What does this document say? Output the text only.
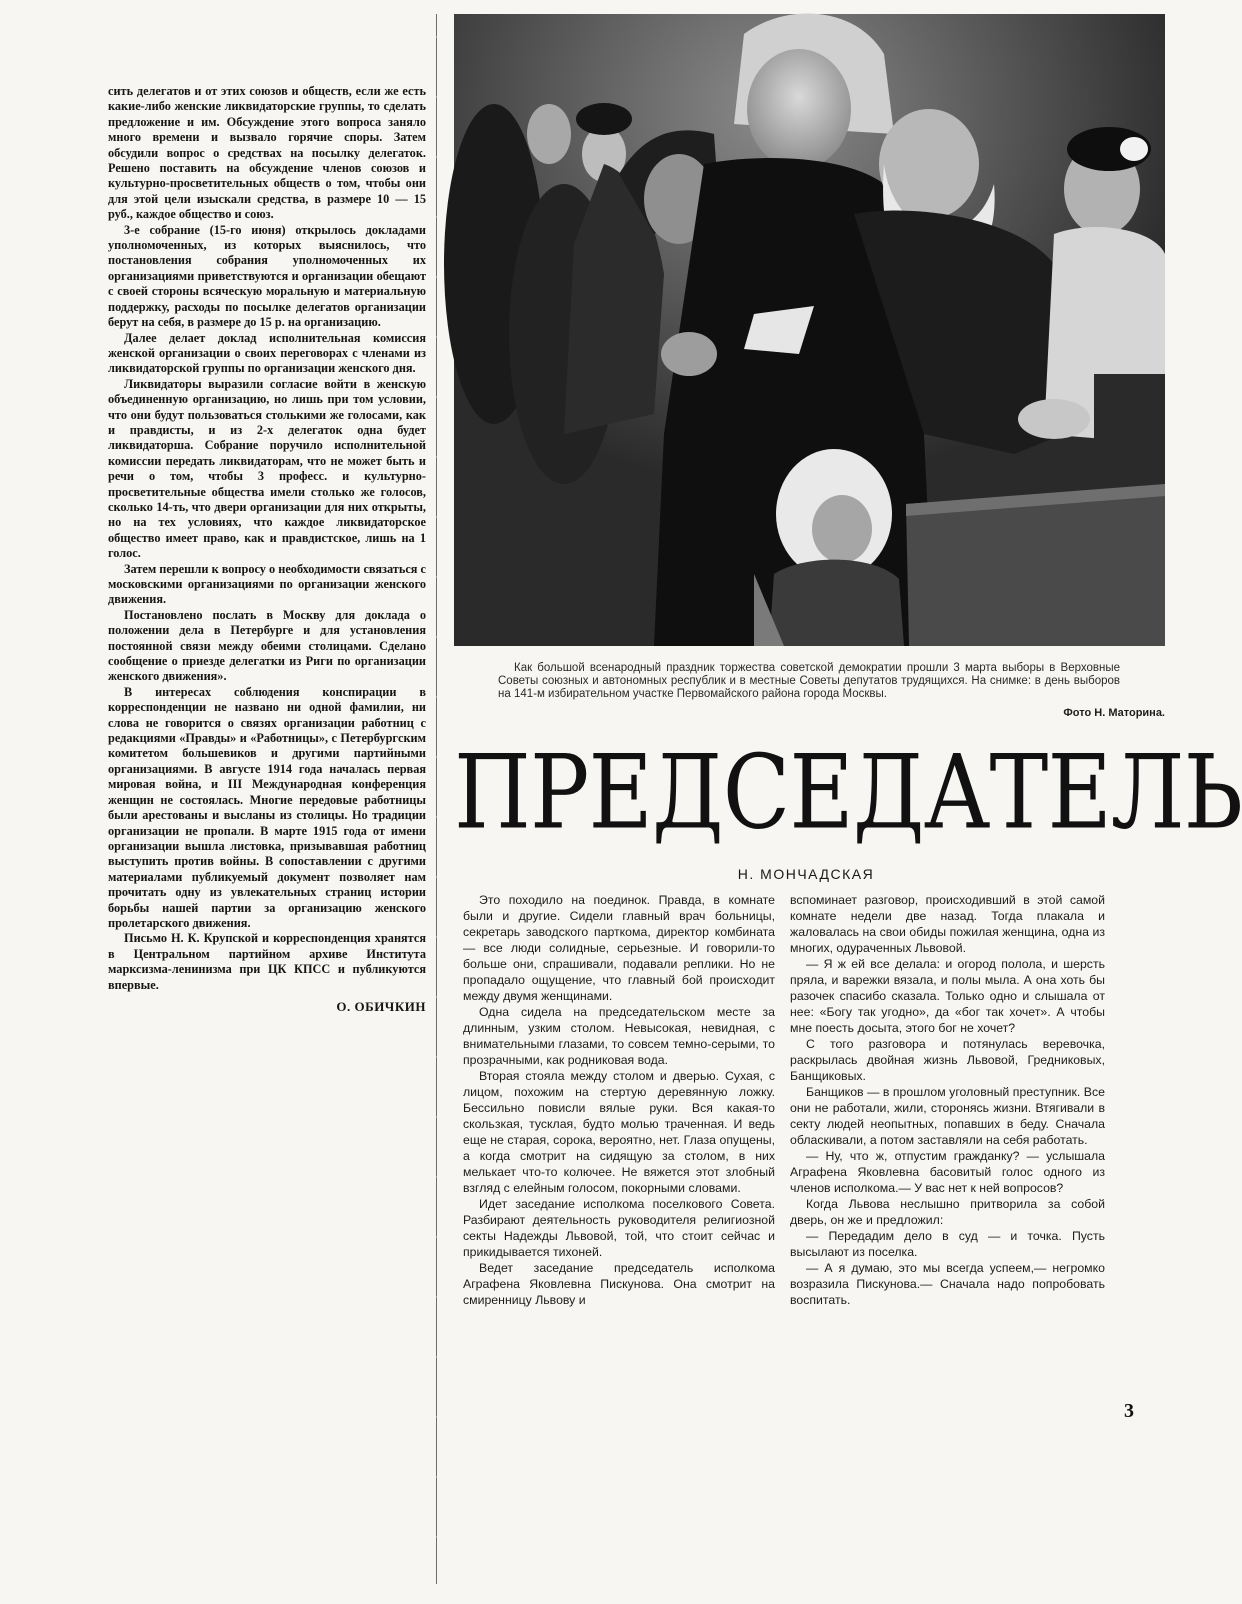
сить делегатов и от этих союзов и обществ, если же есть какие-либо женские ликвидаторские группы, то сделать предложение и им. Обсуждение этого вопроса заняло много времени и вызвало горячие споры. Затем обсудили вопрос о средствах на посылку делегаток. Решено поставить на обсуждение членов союзов и культурно-просветительных обществ о том, чтобы они для этой цели изыскали средства, в размере 10 — 15 руб., каждое общество и союз.

3-е собрание (15-го июня) открылось докладами уполномоченных, из которых выяснилось, что постановления собрания уполномоченных их организациями приветствуются и организации обещают с своей стороны всяческую моральную и материальную поддержку, расходы по посылке делегатов организации берут на себя, в размере до 15 р. на организацию.

Далее делает доклад исполнительная комиссия женской организации о своих переговорах с членами из ликвидаторской группы по организации женского дня.

Ликвидаторы выразили согласие войти в женскую объединенную организацию, но лишь при том условии, что они будут пользоваться столькими же голосами, как и правдисты, и из 2-х делегаток одна будет ликвидаторша. Собрание поручило исполнительной комиссии передать ликвидаторам, что не может быть и речи о том, чтобы 3 професс. и культурно-просветительные общества имели столько же голосов, сколько 14-ть, что двери организации для них открыты, но на тех условиях, что каждое ликвидаторское общество имеет право, как и правдистское, лишь на 1 голос.

Затем перешли к вопросу о необходимости связаться с московскими организациями по организации женского движения.

Постановлено послать в Москву для доклада о положении дела в Петербурге и для установления постоянной связи между обеими столицами. Сделано сообщение о приезде делегатки из Риги по организации женского движения».

В интересах соблюдения конспирации в корреспонденции не названо ни одной фамилии, ни слова не говорится о связях организации работниц с редакциями «Правды» и «Работницы», с Петербургским комитетом большевиков и другими партийными организациями. В августе 1914 года началась первая мировая война, и III Международная конференция женщин не состоялась. Многие передовые работницы были арестованы и высланы из столицы. Но традиции организации не пропали. В марте 1915 года от имени организации вышла листовка, призывавшая работниц выступить против войны. В сопоставлении с другими материалами публикуемый документ позволяет нам прочитать одну из увлекательных страниц истории борьбы нашей партии за организацию женского пролетарского движения.

Письмо Н. К. Крупской и корреспонденция хранятся в Центральном партийном архиве Института марксизма-ленинизма при ЦК КПСС и публикуются впервые.

О. ОБИЧКИН
Как большой всенародный праздник торжества советской демократии прошли 3 марта выборы в Верховные Советы союзных и автономных республик и в местные Советы депутатов трудящихся. На снимке: в день выборов на 141-м избирательном участке Первомайского района города Москвы.
Фото Н. Маторина.
ПРЕДСЕДАТЕЛЬ
Н. МОНЧАДСКАЯ

Это походило на поединок. Правда, в комнате были и другие. Сидели главный врач больницы, секретарь заводского парткома, директор комбината — все люди солидные, серьезные. И говорили-то больше они, спрашивали, подавали реплики. Но не пропадало ощущение, что главный бой происходит между двумя женщинами.

Одна сидела на председательском месте за длинным, узким столом. Невысокая, невидная, с внимательными глазами, то совсем темно-серыми, то прозрачными, как родниковая вода.

Вторая стояла между столом и дверью. Сухая, с лицом, похожим на стертую деревянную ложку. Бессильно повисли вялые руки. Вся какая-то скользкая, тусклая, будто молью траченная. И ведь еще не старая, сорока, вероятно, нет. Глаза опущены, а когда смотрит на сидящую за столом, в них мелькает что-то колючее. Не вяжется этот злобный взгляд с елейным голосом, покорными словами.

Идет заседание исполкома поселкового Совета. Разбирают деятельность руководителя религиозной секты Надежды Львовой, той, что стоит сейчас и прикидывается тихоней.

Ведет заседание председатель исполкома Аграфена Яковлевна Пискунова. Она смотрит на смиренницу Львову и

вспоминает разговор, происходивший в этой самой комнате недели две назад. Тогда плакала и жаловалась на свои обиды пожилая женщина, одна из многих, одураченных Львовой.

— Я ж ей все делала: и огород полола, и шерсть пряла, и варежки вязала, и полы мыла. А она хоть бы разочек спасибо сказала. Только одно и слышала от нее: «Богу так угодно», да «бог так хочет». А чтобы мне поесть досыта, этого бог не хочет?

С того разговора и потянулась веревочка, раскрылась двойная жизнь Львовой, Гредниковых, Банщиковых.

Банщиков — в прошлом уголовный преступник. Все они не работали, жили, сторонясь жизни. Втягивали в секту людей неопытных, попавших в беду. Сначала обласкивали, а потом заставляли на себя работать.

— Ну, что ж, отпустим гражданку? — услышала Аграфена Яковлевна басовитый голос одного из членов исполкома.— У вас нет к ней вопросов?

Когда Львова неслышно притворила за собой дверь, он же и предложил:

— Передадим дело в суд — и точка. Пусть высылают из поселка.

— А я думаю, это мы всегда успеем,— негромко возразила Пискунова.— Сначала надо попробовать воспитать.

3
